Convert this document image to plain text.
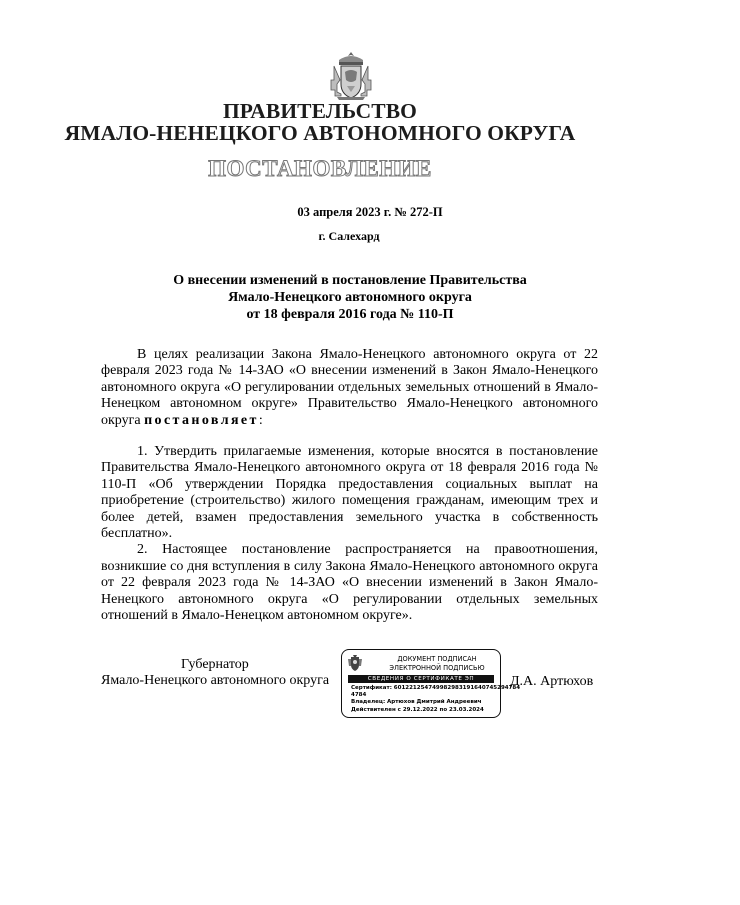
ПРАВИТЕЛЬСТВО
ЯМАЛО-НЕНЕЦКОГО АВТОНОМНОГО ОКРУГА
ПОСТАНОВЛЕНИЕ
03 апреля 2023 г. № 272-П
г. Салехард
О внесении изменений в постановление Правительства
Ямало-Ненецкого автономного округа
от 18 февраля 2016 года № 110-П

В целях реализации Закона Ямало-Ненецкого автономного округа от 22 февраля 2023 года № 14-ЗАО «О внесении изменений в Закон Ямало-Ненецкого автономного округа «О регулировании отдельных земельных отношений в Ямало-Ненецком автономном округе» Правительство Ямало-Ненецкого автономного округа постановляет:

1. Утвердить прилагаемые изменения, которые вносятся в постановление Правительства Ямало-Ненецкого автономного округа от 18 февраля 2016 года № 110-П «Об утверждении Порядка предоставления социальных выплат на приобретение (строительство) жилого помещения гражданам, имеющим трех и более детей, взамен предоставления земельного участка в собственность бесплатно».

2. Настоящее постановление распространяется на правоотношения, возникшие со дня вступления в силу Закона Ямало-Ненецкого автономного округа от 22 февраля 2023 года № 14-ЗАО «О внесении изменений в Закон Ямало-Ненецкого автономного округа «О регулировании отдельных земельных отношений в Ямало-Ненецком автономном округе».

Губернатор
Ямало-Ненецкого автономного округа
ДОКУМЕНТ ПОДПИСАН
ЭЛЕКТРОННОЙ ПОДПИСЬЮ
СВЕДЕНИЯ О СЕРТИФИКАТЕ ЭП
Сертификат: 601221254749982983191640745294784
4784
Владелец: Артюхов Дмитрий Андреевич
Действителен с 29.12.2022 по 23.03.2024
Д.А. Артюхов
